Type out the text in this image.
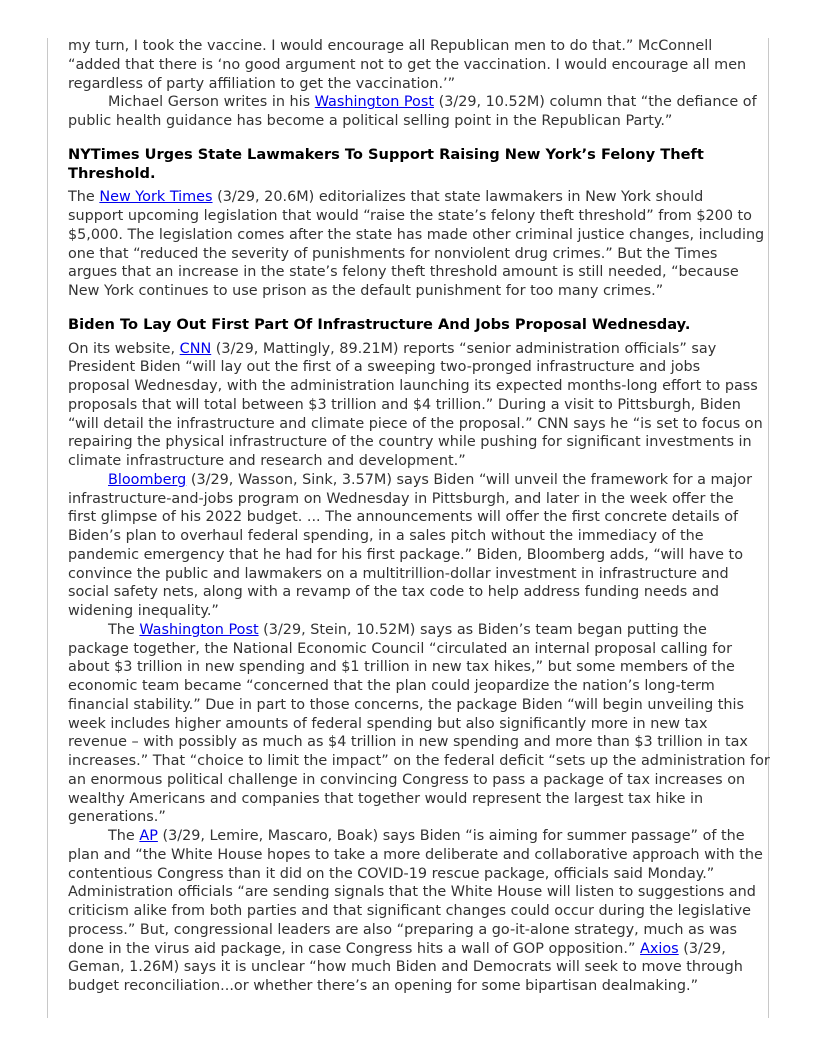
my turn, I took the vaccine. I would encourage all Republican men to do that.” McConnell
“added that there is ‘no good argument not to get the vaccination. I would encourage all men
regardless of party affiliation to get the vaccination.’”
Michael Gerson writes in his Washington Post (3/29, 10.52M) column that “the defiance of
public health guidance has become a political selling point in the Republican Party.”
NYTimes Urges State Lawmakers To Support Raising New York’s Felony Theft
Threshold.
The New York Times (3/29, 20.6M) editorializes that state lawmakers in New York should
support upcoming legislation that would “raise the state’s felony theft threshold” from $200 to
$5,000. The legislation comes after the state has made other criminal justice changes, including
one that “reduced the severity of punishments for nonviolent drug crimes.” But the Times
argues that an increase in the state’s felony theft threshold amount is still needed, “because
New York continues to use prison as the default punishment for too many crimes.”
Biden To Lay Out First Part Of Infrastructure And Jobs Proposal Wednesday.
On its website, CNN (3/29, Mattingly, 89.21M) reports “senior administration officials” say
President Biden “will lay out the first of a sweeping two-pronged infrastructure and jobs
proposal Wednesday, with the administration launching its expected months-long effort to pass
proposals that will total between $3 trillion and $4 trillion.” During a visit to Pittsburgh, Biden
“will detail the infrastructure and climate piece of the proposal.” CNN says he “is set to focus on
repairing the physical infrastructure of the country while pushing for significant investments in
climate infrastructure and research and development.”
Bloomberg (3/29, Wasson, Sink, 3.57M) says Biden “will unveil the framework for a major
infrastructure-and-jobs program on Wednesday in Pittsburgh, and later in the week offer the
first glimpse of his 2022 budget. ... The announcements will offer the first concrete details of
Biden’s plan to overhaul federal spending, in a sales pitch without the immediacy of the
pandemic emergency that he had for his first package.” Biden, Bloomberg adds, “will have to
convince the public and lawmakers on a multitrillion-dollar investment in infrastructure and
social safety nets, along with a revamp of the tax code to help address funding needs and
widening inequality.”
The Washington Post (3/29, Stein, 10.52M) says as Biden’s team began putting the
package together, the National Economic Council “circulated an internal proposal calling for
about $3 trillion in new spending and $1 trillion in new tax hikes,” but some members of the
economic team became “concerned that the plan could jeopardize the nation’s long-term
financial stability.” Due in part to those concerns, the package Biden “will begin unveiling this
week includes higher amounts of federal spending but also significantly more in new tax
revenue – with possibly as much as $4 trillion in new spending and more than $3 trillion in tax
increases.” That “choice to limit the impact” on the federal deficit “sets up the administration for
an enormous political challenge in convincing Congress to pass a package of tax increases on
wealthy Americans and companies that together would represent the largest tax hike in
generations.”
The AP (3/29, Lemire, Mascaro, Boak) says Biden “is aiming for summer passage” of the
plan and “the White House hopes to take a more deliberate and collaborative approach with the
contentious Congress than it did on the COVID-19 rescue package, officials said Monday.”
Administration officials “are sending signals that the White House will listen to suggestions and
criticism alike from both parties and that significant changes could occur during the legislative
process.” But, congressional leaders are also “preparing a go-it-alone strategy, much as was
done in the virus aid package, in case Congress hits a wall of GOP opposition.” Axios (3/29,
Geman, 1.26M) says it is unclear “how much Biden and Democrats will seek to move through
budget reconciliation...or whether there’s an opening for some bipartisan dealmaking.”
